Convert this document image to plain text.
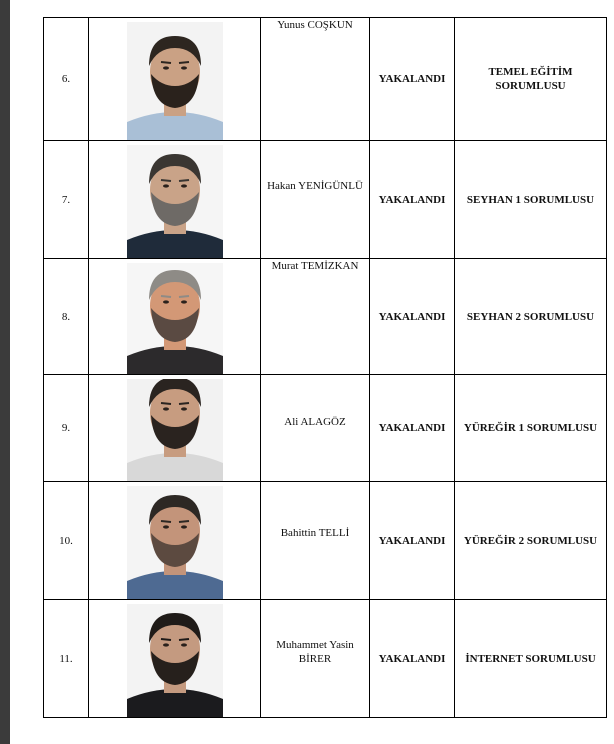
6.		Yunus COŞKUN	YAKALANDI	TEMEL EĞİTİM SORUMLUSU
7.		Hakan YENİGÜNLÜ	YAKALANDI	SEYHAN 1 SORUMLUSU
8.		Murat TEMİZKAN	YAKALANDI	SEYHAN 2 SORUMLUSU
9.		Ali ALAGÖZ	YAKALANDI	YÜREĞİR 1 SORUMLUSU
10.		Bahittin TELLİ	YAKALANDI	YÜREĞİR 2 SORUMLUSU
11.		Muhammet Yasin BİRER	YAKALANDI	İNTERNET SORUMLUSU
